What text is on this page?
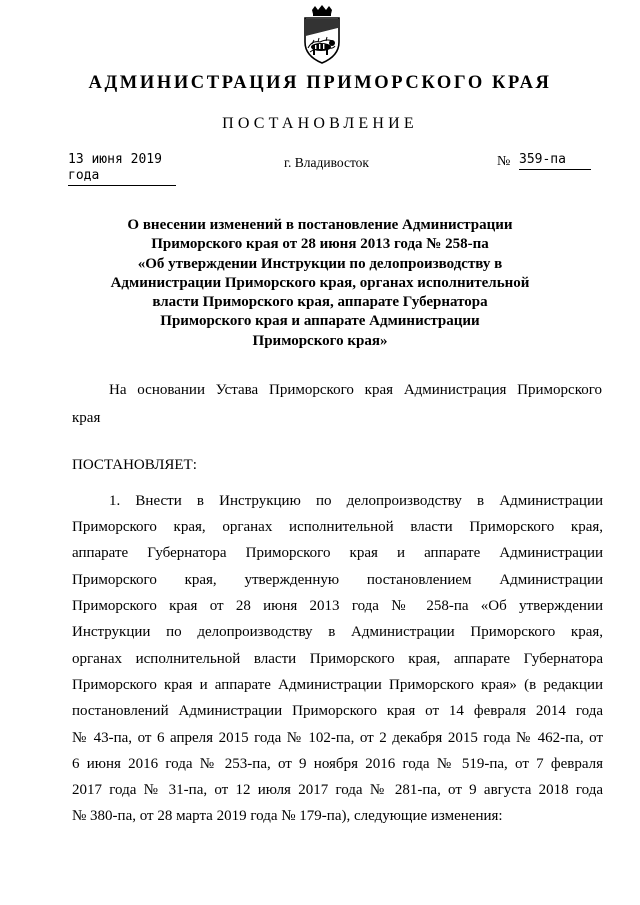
АДМИНИСТРАЦИЯ ПРИМОРСКОГО КРАЯ
ПОСТАНОВЛЕНИЕ
13 июня 2019 года
г. Владивосток	№ 359-па
О внесении изменений в постановление Администрации
Приморского края от 28 июня 2013 года № 258-па
«Об утверждении Инструкции по делопроизводству в
Администрации Приморского края, органах исполнительной
власти Приморского края, аппарате Губернатора
Приморского края и аппарате Администрации
Приморского края»
На основании Устава Приморского края Администрация Приморского
края
ПОСТАНОВЛЯЕТ:
1. Внести в Инструкцию по делопроизводству в Администрации
Приморского края, органах исполнительной власти Приморского края,
аппарате Губернатора Приморского края и аппарате Администрации
Приморского края, утвержденную постановлением Администрации
Приморского края от 28 июня 2013 года № 258-па «Об утверждении
Инструкции по делопроизводству в Администрации Приморского края,
органах исполнительной власти Приморского края, аппарате Губернатора
Приморского края и аппарате Администрации Приморского края» (в редакции
постановлений Администрации Приморского края от 14 февраля 2014 года
№ 43-па, от 6 апреля 2015 года № 102-па, от 2 декабря 2015 года № 462-па, от
6 июня 2016 года № 253-па, от 9 ноября 2016 года № 519-па, от 7 февраля
2017 года № 31-па, от 12 июля 2017 года № 281-па, от 9 августа 2018 года
№ 380-па, от 28 марта 2019 года № 179-па), следующие изменения:
